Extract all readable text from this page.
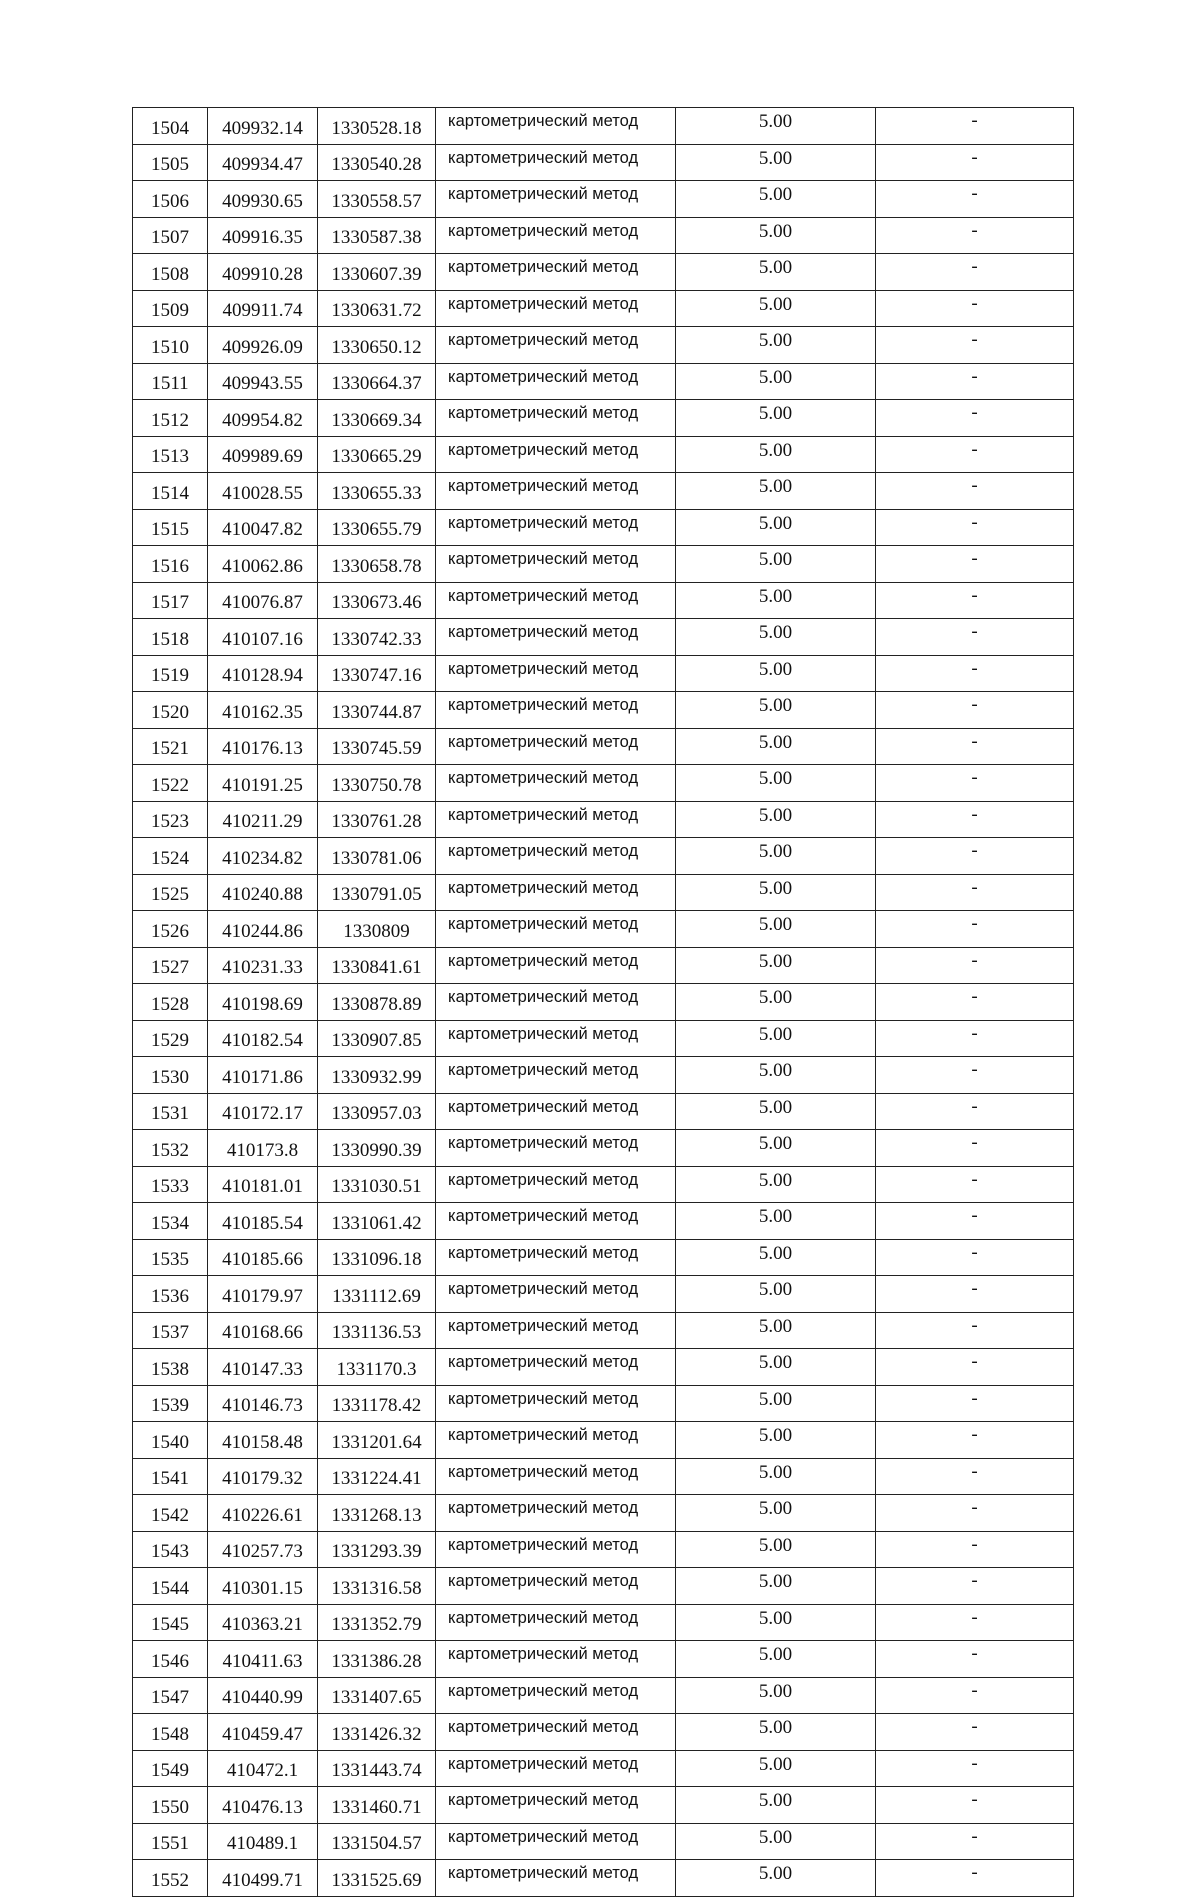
1504	409932.14	1330528.18	картометрический метод	5.00	-
1505	409934.47	1330540.28	картометрический метод	5.00	-
1506	409930.65	1330558.57	картометрический метод	5.00	-
1507	409916.35	1330587.38	картометрический метод	5.00	-
1508	409910.28	1330607.39	картометрический метод	5.00	-
1509	409911.74	1330631.72	картометрический метод	5.00	-
1510	409926.09	1330650.12	картометрический метод	5.00	-
1511	409943.55	1330664.37	картометрический метод	5.00	-
1512	409954.82	1330669.34	картометрический метод	5.00	-
1513	409989.69	1330665.29	картометрический метод	5.00	-
1514	410028.55	1330655.33	картометрический метод	5.00	-
1515	410047.82	1330655.79	картометрический метод	5.00	-
1516	410062.86	1330658.78	картометрический метод	5.00	-
1517	410076.87	1330673.46	картометрический метод	5.00	-
1518	410107.16	1330742.33	картометрический метод	5.00	-
1519	410128.94	1330747.16	картометрический метод	5.00	-
1520	410162.35	1330744.87	картометрический метод	5.00	-
1521	410176.13	1330745.59	картометрический метод	5.00	-
1522	410191.25	1330750.78	картометрический метод	5.00	-
1523	410211.29	1330761.28	картометрический метод	5.00	-
1524	410234.82	1330781.06	картометрический метод	5.00	-
1525	410240.88	1330791.05	картометрический метод	5.00	-
1526	410244.86	1330809	картометрический метод	5.00	-
1527	410231.33	1330841.61	картометрический метод	5.00	-
1528	410198.69	1330878.89	картометрический метод	5.00	-
1529	410182.54	1330907.85	картометрический метод	5.00	-
1530	410171.86	1330932.99	картометрический метод	5.00	-
1531	410172.17	1330957.03	картометрический метод	5.00	-
1532	410173.8	1330990.39	картометрический метод	5.00	-
1533	410181.01	1331030.51	картометрический метод	5.00	-
1534	410185.54	1331061.42	картометрический метод	5.00	-
1535	410185.66	1331096.18	картометрический метод	5.00	-
1536	410179.97	1331112.69	картометрический метод	5.00	-
1537	410168.66	1331136.53	картометрический метод	5.00	-
1538	410147.33	1331170.3	картометрический метод	5.00	-
1539	410146.73	1331178.42	картометрический метод	5.00	-
1540	410158.48	1331201.64	картометрический метод	5.00	-
1541	410179.32	1331224.41	картометрический метод	5.00	-
1542	410226.61	1331268.13	картометрический метод	5.00	-
1543	410257.73	1331293.39	картометрический метод	5.00	-
1544	410301.15	1331316.58	картометрический метод	5.00	-
1545	410363.21	1331352.79	картометрический метод	5.00	-
1546	410411.63	1331386.28	картометрический метод	5.00	-
1547	410440.99	1331407.65	картометрический метод	5.00	-
1548	410459.47	1331426.32	картометрический метод	5.00	-
1549	410472.1	1331443.74	картометрический метод	5.00	-
1550	410476.13	1331460.71	картометрический метод	5.00	-
1551	410489.1	1331504.57	картометрический метод	5.00	-
1552	410499.71	1331525.69	картометрический метод	5.00	-
